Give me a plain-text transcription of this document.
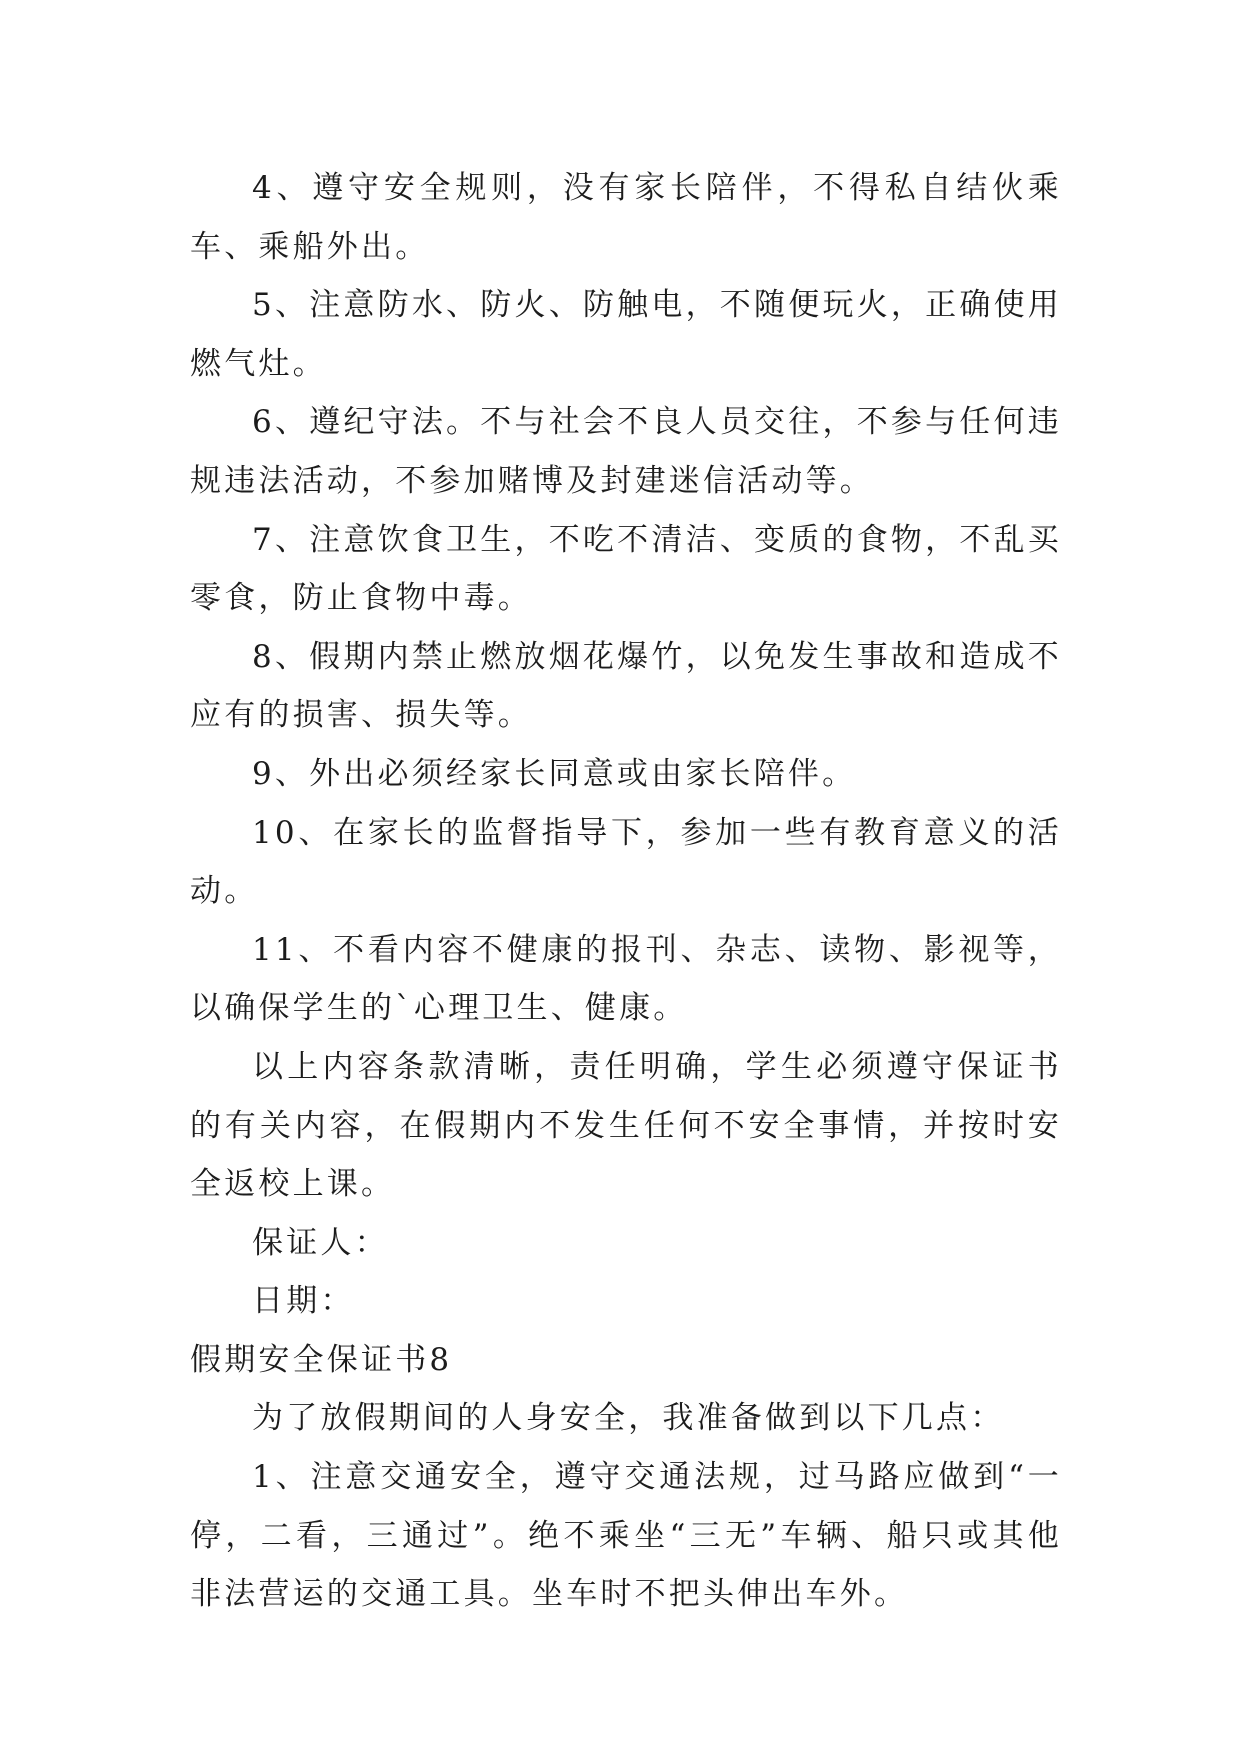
4、遵守安全规则，没有家长陪伴，不得私自结伙乘车、乘船外出。

5、注意防水、防火、防触电，不随便玩火，正确使用燃气灶。

6、遵纪守法。不与社会不良人员交往，不参与任何违规违法活动，不参加赌博及封建迷信活动等。

7、注意饮食卫生，不吃不清洁、变质的食物，不乱买零食，防止食物中毒。

8、假期内禁止燃放烟花爆竹，以免发生事故和造成不应有的损害、损失等。

9、外出必须经家长同意或由家长陪伴。

10、在家长的监督指导下，参加一些有教育意义的活动。

11、不看内容不健康的报刊、杂志、读物、影视等，以确保学生的`心理卫生、健康。

以上内容条款清晰，责任明确，学生必须遵守保证书的有关内容，在假期内不发生任何不安全事情，并按时安全返校上课。

保证人：

日期：

假期安全保证书8

为了放假期间的人身安全，我准备做到以下几点：

1、注意交通安全，遵守交通法规，过马路应做到“一停，二看，三通过”。绝不乘坐“三无”车辆、船只或其他非法营运的交通工具。坐车时不把头伸出车外。
